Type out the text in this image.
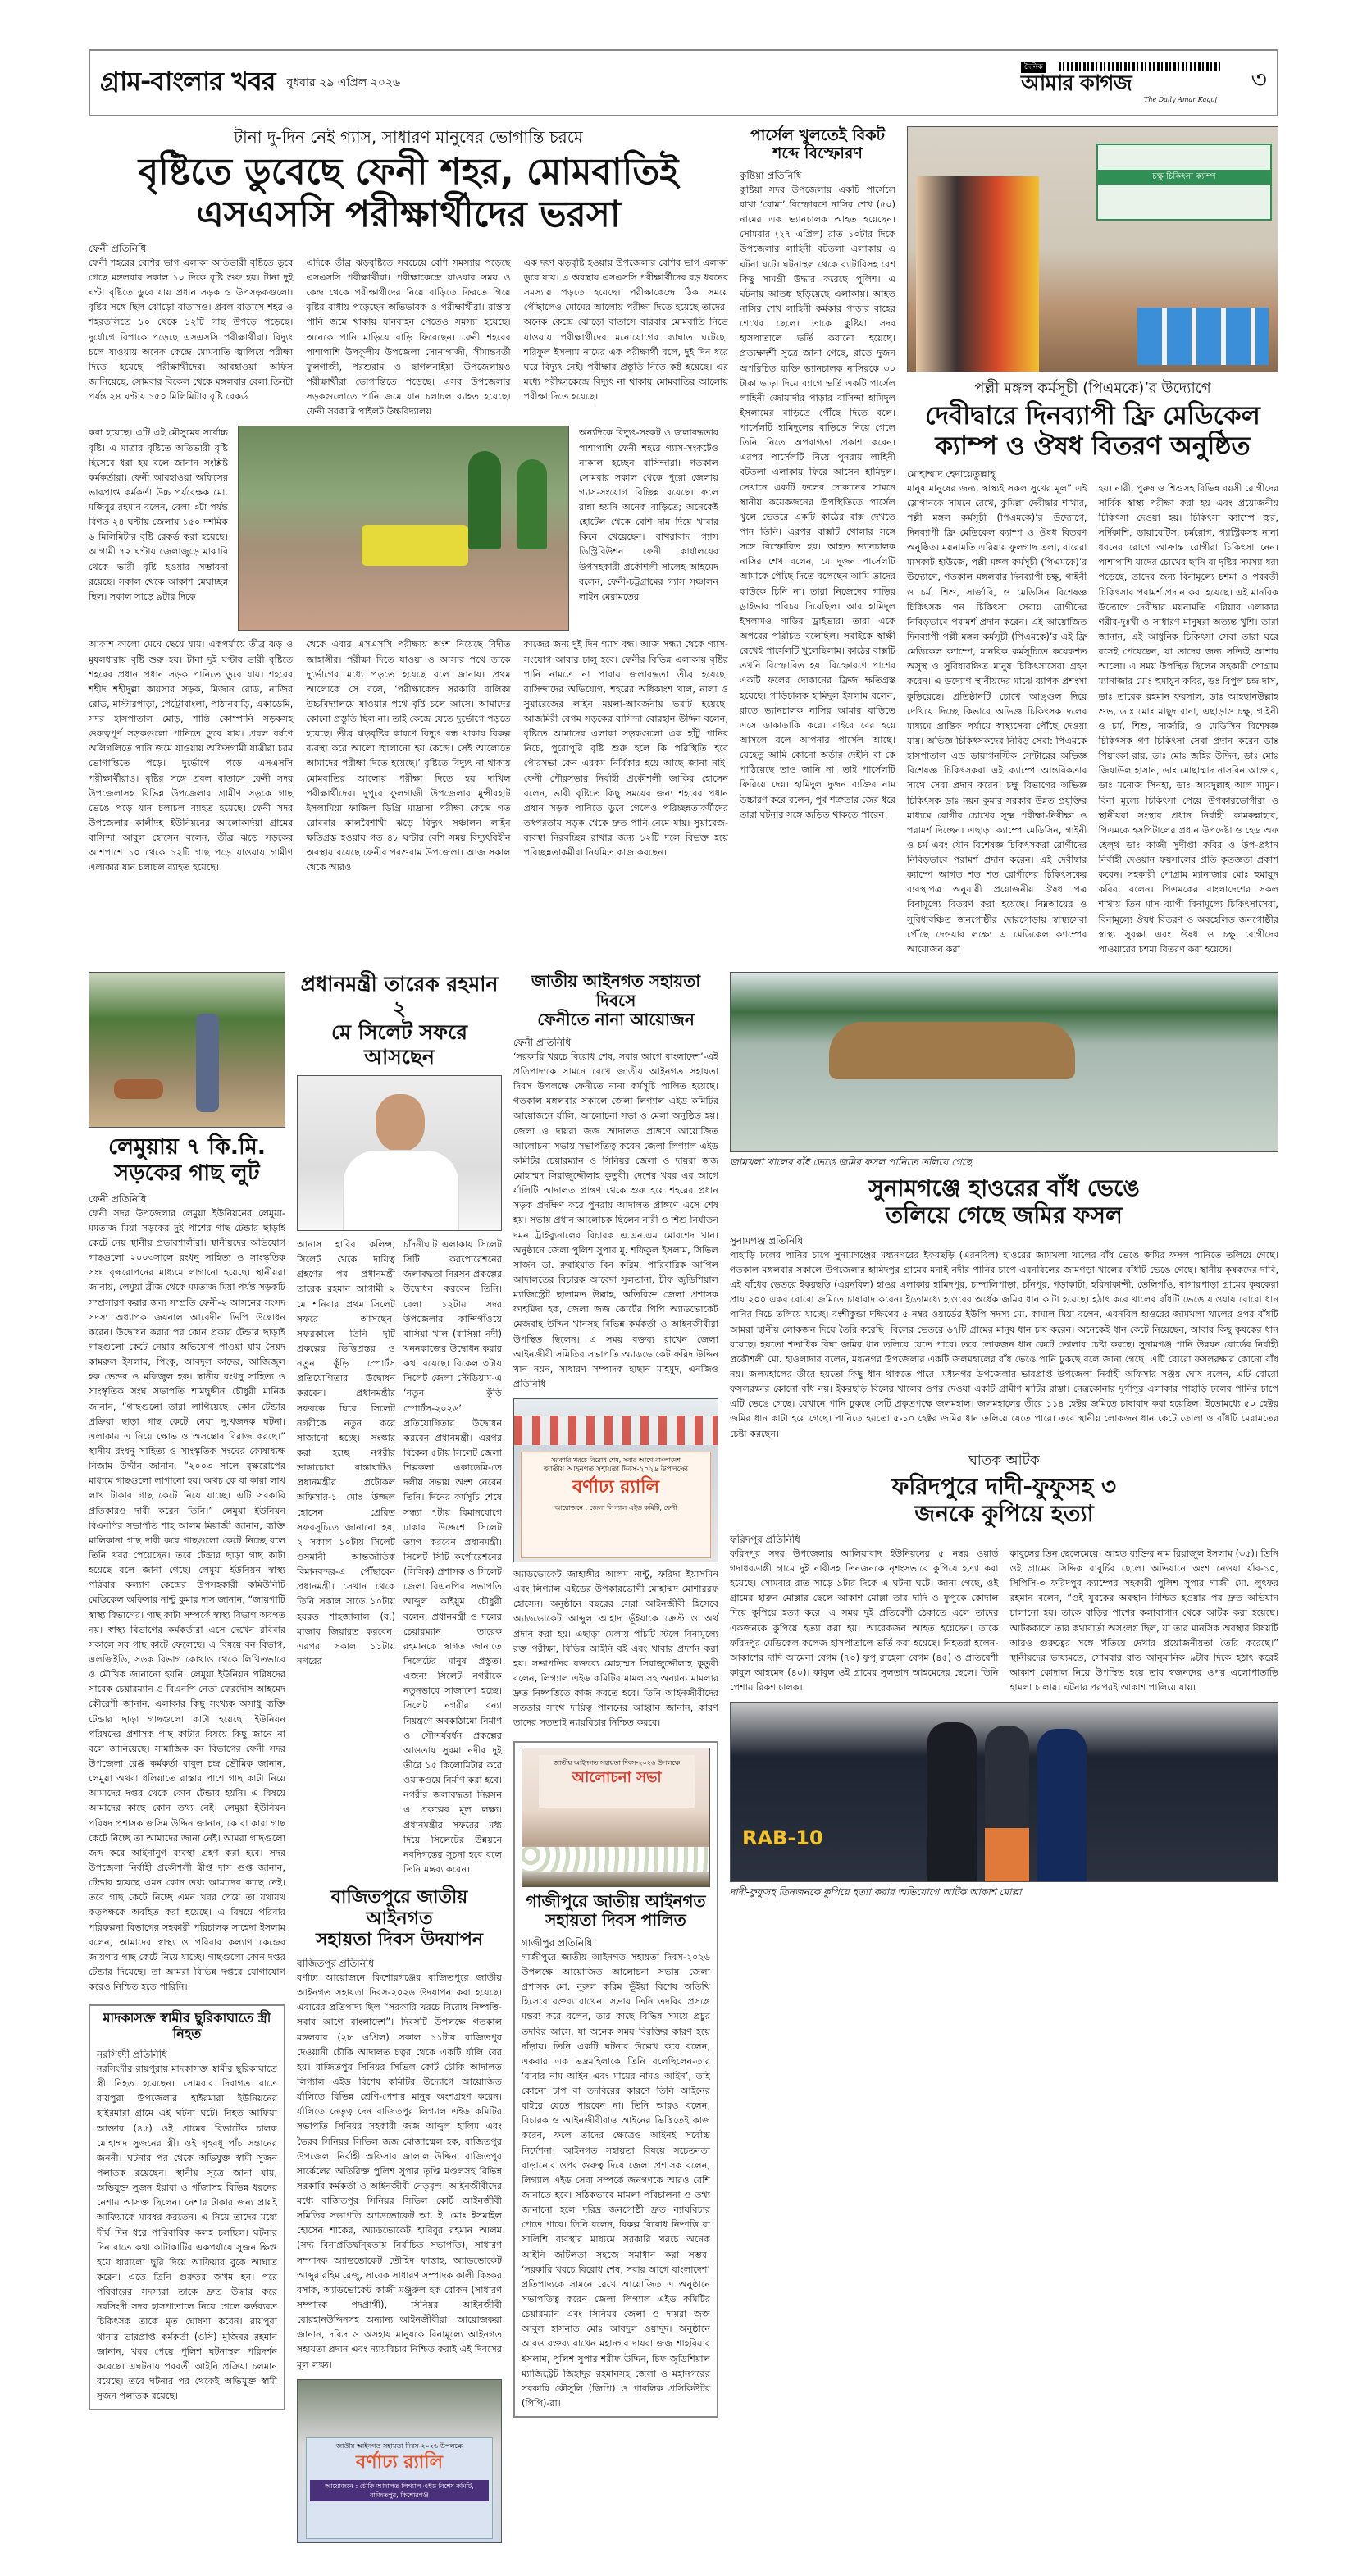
গ্রাম-বাংলার খবর বুধবার ২৯ এপ্রিল ২০২৬
দৈনিক
আমার কাগজ
The Daily Amar Kagoj
৩
টানা দু-দিন নেই গ্যাস, সাধারণ মানুষের ভোগান্তি চরমে
বৃষ্টিতে ডুবেছে ফেনী শহর, মোমবাতিই
এসএসসি পরীক্ষার্থীদের ভরসা
ফেনী প্রতিনিধি

ফেনী শহরের বেশির ভাগ এলাকা অতিভারী বৃষ্টিতে ডুবে গেছে মঙ্গলবার সকাল ১০ দিকে বৃষ্টি শুরু হয়। টানা দুই ঘণ্টা বৃষ্টিতে ডুবে যায় প্রধান সড়ক ও উপসড়কগুলো। বৃষ্টির সঙ্গে ছিল ঝোড়ো বাতাসও। প্রবল বাতাসে শহর ও শহরতলিতে ১০ থেকে ১২টি গাছ উপড়ে পড়েছে। দুর্যোগে বিপাকে পড়েছে এসএসসি পরীক্ষার্থীরা। বিদ্যুৎ চলে যাওয়ায় অনেক কেন্দ্রে মোমবাতি জ্বালিয়ে পরীক্ষা দিতে হয়েছে পরীক্ষার্থীদের। আবহাওয়া অফিস জানিয়েছে, সোমবার বিকেল থেকে মঙ্গলবার বেলা তিনটা পর্যন্ত ২৪ ঘণ্টায় ১৫০ মিলিমিটার বৃষ্টি রেকর্ড

এদিকে তীব্র ঝড়বৃষ্টিতে সবচেয়ে বেশি সমস্যায় পড়েছে এসএসসি পরীক্ষার্থীরা। পরীক্ষাকেন্দ্রে যাওয়ার সময় ও কেন্দ্র থেকে পরীক্ষার্থীদের নিয়ে বাড়িতে ফিরতে গিয়ে বৃষ্টির বাধায় পড়েছেন অভিভাবক ও পরীক্ষার্থীরা। রাস্তায় পানি জমে থাকায় যানবাহন পেতেও সমস্যা হয়েছে। অনেকে পানি মাড়িয়ে বাড়ি ফিরেছেন। ফেনী শহরের পাশাপাশি উপকূলীয় উপজেলা সোনাগাজী, সীমান্তবর্তী ফুলগাজী, পরশুরাম ও ছাগলনাইয়া উপজেলায়ও পরীক্ষার্থীরা ভোগান্তিতে পড়েছে। এসব উপজেলার সড়কগুলোতে পানি জমে যান চলাচল ব্যাহত হয়েছে। ফেনী সরকারি পাইলট উচ্চবিদ্যালয়

এক দফা ঝড়বৃষ্টি হওয়ায় উপজেলার বেশির ভাগ এলাকা ডুবে যায়। এ অবস্থায় এসএসসি পরীক্ষার্থীদের বড় ধরনের সমস্যায় পড়তে হয়েছে। পরীক্ষাকেন্দ্রে ঠিক সময়ে পৌঁছালেও মোমের আলোয় পরীক্ষা দিতে হয়েছে তাদের। অনেক কেন্দ্রে ঝোড়ো বাতাসে বারবার মোমবাতি নিভে যাওয়ায় পরীক্ষার্থীদের মনোযোগের ব্যাঘাত ঘটেছে। শরিফুল ইসলাম নামের এক পরীক্ষার্থী বলে, দুই দিন ধরে ঘরে বিদ্যুৎ নেই। পরীক্ষার প্রস্তুতি নিতে কষ্ট হয়েছে। এর মধ্যে পরীক্ষাকেন্দ্রে বিদ্যুৎ না থাকায় মোমবাতির আলোয় পরীক্ষা দিতে হয়েছে।

করা হয়েছে। এটি এই মৌসুমের সর্বোচ্চ বৃষ্টি। এ মাত্রার বৃষ্টিতে অতিভারী বৃষ্টি হিসেবে ধরা হয় বলে জানান সংশ্লিষ্ট কর্মকর্তারা। ফেনী আবহাওয়া অফিসের ভারপ্রাপ্ত কর্মকর্তা উচ্চ পর্যবেক্ষক মো. মজিবুর রহমান বলেন, বেলা ৩টা পর্যন্ত বিগত ২৪ ঘণ্টায় জেলায় ১৫০ দশমিক ৬ মিলিমিটার বৃষ্টি রেকর্ড করা হয়েছে। আগামী ৭২ ঘণ্টায় জেলাজুড়ে মাঝারি থেকে ভারী বৃষ্টি হওয়ার সম্ভাবনা রয়েছে। সকাল থেকে আকাশ মেঘাচ্ছন্ন ছিল। সকাল সাড়ে ৯টার দিকে
অন্যদিকে বিদ্যুৎ-সংকট ও জলাবদ্ধতার পাশাপাশি ফেনী শহরে গ্যাস-সংকটেও নাকাল হচ্ছেন বাসিন্দারা। গতকাল সোমবার সকাল থেকে পুরো জেলায় গ্যাস-সংযোগ বিচ্ছিন্ন রয়েছে। ফলে রান্না হয়নি অনেক বাড়িতে; অনেকেই হোটেল থেকে বেশি দাম দিয়ে খাবার কিনে খেয়েছেন। বাখরাবাদ গ্যাস ডিস্ট্রিবিউশন ফেনী কার্যালয়ের উপসহকারী প্রকৌশলী সালেহ আহমেদ বলেন, ফেনী-চট্টগ্রামের গ্যাস সঞ্চালন লাইন মেরামতের

আকাশ কালো মেঘে ছেয়ে যায়। একপর্যায়ে তীব্র ঝড় ও মুষলধারায় বৃষ্টি শুরু হয়। টানা দুই ঘণ্টার ভারী বৃষ্টিতে শহরের প্রধান প্রধান সড়ক পানিতে ডুবে যায়। শহরের শহীদ শহীদুল্লা কায়সার সড়ক, মিজান রোড, নাজির রোড, মাস্টারপাড়া, পেট্রোবাংলা, পাঠানবাড়ি, একাডেমি, সদর হাসপাতাল মোড়, শান্তি কোম্পানি সড়কসহ গুরুত্বপূর্ণ সড়কগুলো পানিতে ডুবে যায়। প্রবল বর্ষণে অলিগলিতে পানি জমে যাওয়ায় অফিসগামী যাত্রীরা চরম ভোগান্তিতে পড়ে। দুর্ভোগে পড়ে এসএসসি পরীক্ষার্থীরাও। বৃষ্টির সঙ্গে প্রবল বাতাসে ফেনী সদর উপজেলাসহ বিভিন্ন উপজেলার গ্রামীণ সড়কে গাছ ভেঙে পড়ে যান চলাচল ব্যাহত হয়েছে। ফেনী সদর উপজেলার কালীদহ ইউনিয়নের আলোকদিয়া গ্রামের বাসিন্দা আবুল হোসেন বলেন, তীব্র ঝড়ে সড়কের আশপাশে ১০ থেকে ১২টি গাছ পড়ে যাওয়ায় গ্রামীণ এলাকার যান চলাচল ব্যাহত হয়েছে।

থেকে এবার এসএসসি পরীক্ষায় অংশ নিয়েছে বিদীত জাহাঙ্গীর। পরীক্ষা দিতে যাওয়া ও আসার পথে তাকে দুর্ভোগের মধ্যে পড়তে হয়েছে বলে জানায়। প্রথম আলোকে সে বলে, ‘পরীক্ষাকেন্দ্র সরকারি বালিকা উচ্চবিদ্যালয়ে যাওয়ার পথে বৃষ্টি চলে আসে। আমাদের কোনো প্রস্তুতি ছিল না। তাই কেন্দ্রে যেতে দুর্ভোগে পড়তে হয়েছে। তীব্র ঝড়বৃষ্টির কারণে বিদ্যুৎ বন্ধ থাকায় বিকল্প ব্যবস্থা করে আলো জ্বালানো হয় কেন্দ্রে। সেই আলোতে আমাদের পরীক্ষা দিতে হয়েছে।’ বৃষ্টিতে বিদ্যুৎ না থাকায় মোমবাতির আলোয় পরীক্ষা দিতে হয় দাখিল পরীক্ষার্থীদের। দুপুরে ফুলগাজী উপজেলার মুন্সীরহাট ইসলামিয়া ফাজিল ডিগ্রি মাদ্রাসা পরীক্ষা কেন্দ্রে গত রোববার কালবৈশাখী ঝড়ে বিদ্যুৎ সঞ্চালন লাইন ক্ষতিগ্রস্ত হওয়ায় গত ৪৮ ঘণ্টার বেশি সময় বিদ্যুৎবিহীন অবস্থায় রয়েছে ফেনীর পরশুরাম উপজেলা। আজ সকাল থেকে আরও

কাজের জন্য দুই দিন গ্যাস বন্ধ। আজ সন্ধ্যা থেকে গ্যাস-সংযোগ আবার চালু হবে। ফেনীর বিভিন্ন এলাকায় বৃষ্টির পানি নামতে না পারায় জলাবদ্ধতা তীব্র হয়েছে। বাসিন্দাদের অভিযোগ, শহরের অধিকাংশ খাল, নালা ও সুয়ারেজের লাইন ময়লা-আবর্জনায় ভরাট হয়েছে। আজমিরী বেগম সড়কের বাসিন্দা বোরহান উদ্দিন বলেন, বৃষ্টিতে আমাদের এলাকা সড়কগুলো এক হাঁটু পানির নিচে, পুরোপুরি বৃষ্টি শুরু হলে কি পরিস্থিতি হবে পৌরসভা কেন এরকম নির্বিকার হয়ে আছে জানা নাই। ফেনী পৌরসভার নির্বাহী প্রকৌশলী জাকির হোসেন বলেন, ভারী বৃষ্টিতে কিছু সময়ের জন্য শহরের প্রধান প্রধান সড়ক পানিতে ডুবে গেলেও পরিচ্ছন্নতাকর্মীদের তৎপরতায় সড়ক থেকে দ্রুত পানি নেমে যায়। সুয়ারেজ-ব্যবস্থা নিরবচ্ছিন্ন রাখার জন্য ১২টি দলে বিভক্ত হয়ে পরিচ্ছন্নতাকর্মীরা নিয়মিত কাজ করছেন।

পার্সেল খুলতেই বিকট
শব্দে বিস্ফোরণ
কুষ্টিয়া প্রতিনিধি
কুষ্টিয়া সদর উপজেলায় একটি পার্সেলে রাখা ‘বোমা’ বিস্ফোরণে নাসির শেখ (৫০) নামের এক ভ্যানচালক আহত হয়েছেন। সোমবার (২৭ এপ্রিল) রাত ১০টার দিকে উপজেলার লাহিনী বটতলা এলাকায় এ ঘটনা ঘটে। ঘটনাস্থল থেকে ব্যাটারিসহ বেশ কিছু সামগ্রী উদ্ধার করেছে পুলিশ। এ ঘটনায় আতঙ্ক ছড়িয়েছে এলাকায়। আহত নাসির শেখ লাহিনী কর্মকার পাড়ার বাহের শেখের ছেলে। তাকে কুষ্টিয়া সদর হাসপাতালে ভর্তি করানো হয়েছে। প্রত্যক্ষদর্শী সূত্রে জানা গেছে, রাতে দুজন অপরিচিত ব্যক্তি ভ্যানচালক নাসিরকে ৩০ টাকা ভাড়া দিয়ে ব্যাগে ভর্তি একটি পার্সেল লাহিনী জোয়ার্দার পাড়ার বাসিন্দা হামিদুল ইসলামের বাড়িতে পৌঁছে দিতে বলে। পার্সেলটি হামিদুলের বাড়িতে নিয়ে গেলে তিনি নিতে অপরাগতা প্রকাশ করেন। এরপর পার্সেলটি নিয়ে পুনরায় লাহিনী বটতলা এলাকায় ফিরে আসেন হামিদুল। সেখানে একটি ফলের দোকানের সামনে স্থানীয় কয়েকজনের উপস্থিতিতে পার্সেল খুলে ভেতরে একটি কাঠের বাক্স দেখতে পান তিনি। এরপর বাক্সটি খোলার সঙ্গে সঙ্গে বিস্ফোরিত হয়। আহত ভ্যানচালক নাসির শেখ বলেন, যে দুজন পার্সেলটি আমাকে পৌঁছে দিতে বলেছেন আমি তাদের কাউকে চিনি না। তারা নিজেদের গাড়ির ড্রাইভার পরিচয় দিয়েছিল। আর হামিদুল ইসলামও গাড়ির ড্রাইভার। তারা একে অপরের পরিচিত বলেছিল। সবাইকে স্বাক্ষী রেখেই পার্সেলটি খুলেছিলাম। কাঠের বাক্সটি তখনি বিস্ফোরিত হয়। বিস্ফোরণে পাশের একটি ফলের দোকানের ফ্রিজ ক্ষতিগ্রস্ত হয়েছে। গাড়িচালক হামিদুল ইসলাম বলেন, রাতে ভ্যানচালক নাসির আমার বাড়িতে এসে ডাকাডাকি করে। বাইরে বের হয়ে আসলে বলে আপনার পার্সেল আছে। যেহেতু আমি কোনো অর্ডার দেইনি বা কে পাঠিয়েছে তাও জানি না। তাই পার্সেলটি ফিরিয়ে দেয়। হামিদুল দুজন ব্যক্তির নাম উচ্চারণ করে বলেন, পূর্ব শত্রুতার জের ধরে তারা ঘটনার সঙ্গে জড়িত থাকতে পারেন।
চক্ষু চিকিৎসা ক্যাম্প
পল্লী মঙ্গল কর্মসূচী (পিএমকে)’র উদ্যোগে
দেবীদ্বারে দিনব্যাপী ফ্রি মেডিকেল
ক্যাম্প ও ঔষধ বিতরণ অনুষ্ঠিত
মোহাম্মাদ হেদায়েতুল্লাহ্

মানুষ মানুষের জন্য, স্বাস্থ্যই সকল সুখের মূল” এই স্লোগানকে সামনে রেখে, কুমিল্লা দেবীদ্বার শাখার, পল্লী মঙ্গল কর্মসূচী (পিএমকে)’র উদ্যোগে, দিনব্যাপী ফ্রি মেডিকেল ক্যাম্প ও ঔষধ বিতরণ অনুষ্ঠিত। ময়নামতি এরিয়ায় ফুলগাছ তলা, বারেরা মাসকাট হাউজে, পল্লী মঙ্গল কর্মসূচী (পিএমকে)’র উদ্যোগে, গতকাল মঙ্গলবার দিনব্যাপী চক্ষু, গাইনী ও চর্ম, শিশু, সার্জারি, ও মেডিসিন বিশেষজ্ঞ চিকিৎসক গন চিকিৎসা সেবায় রোগীদের নিবিড়ভাবে পরামর্শ প্রদান করেন। এই আয়োজিত দিনব্যাপী পল্লী মঙ্গল কর্মসূচী (পিএমকে)’র এই ফ্রি মেডিকেল ক্যাম্পে, মানবিক কর্মসূচিতে কয়েকশত অসুস্থ ও সুবিধাবঞ্চিত মানুষ চিকিৎসাসেবা গ্রহণ করেন। এ উদ্যোগ স্থানীয়দের মাঝে ব্যাপক প্রশংসা কুড়িয়েছে। প্রতিষ্ঠানটি চোখে আঙ্গুল দিয়ে দেখিয়ে দিচ্ছে কিভাবে অভিজ্ঞ চিকিৎসক দলের মাধ্যমে প্রান্তিক পর্যায়ে স্বাস্থ্যসেবা পৌঁছে দেওয়া যায়। অভিজ্ঞ চিকিৎসকদের নিবিড় সেবা: পিএমকে হাসপাতাল এন্ড ডায়াগনস্টিক সেন্টারের অভিজ্ঞ বিশেষজ্ঞ চিকিৎসকরা এই ক্যাম্পে আন্তরিকতার সাথে সেবা প্রদান করেন। চক্ষু বিভাগের অভিজ্ঞ চিকিৎসক ডাঃ নয়ন কুমার সরকার উন্নত প্রযুক্তির মাধ্যমে রোগীর চোখের সূক্ষ্ম পরীক্ষা-নিরীক্ষা ও পরামর্শ দিচ্ছেন। এছাড়া ক্যাম্পে মেডিসিন, গাইনী ও চর্ম এবং যৌন বিশেষজ্ঞ চিকিৎসকরা রোগীদের নিবিড়ভাবে পরামর্শ প্রদান করেন। এই দেবীদ্বার ক্যাম্পে আগত শত শত রোগীদের চিকিৎসকের ব্যবস্থাপত্র অনুযায়ী প্রয়োজনীয় ঔষধ পত্র বিনামূল্যে বিতরণ করা হয়েছে। নিম্নআয়ের ও সুবিধাবঞ্চিত জনগোষ্ঠীর দোরগোড়ায় স্বাস্থ্যসেবা পৌঁছে দেওয়ার লক্ষ্যে এ মেডিকেল ক্যাম্পের আয়োজন করা

হয়। নারী, পুরুষ ও শিশুসহ বিভিন্ন বয়সী রোগীদের সার্বিক স্বাস্থ্য পরীক্ষা করা হয় এবং প্রয়োজনীয় চিকিৎসা দেওয়া হয়। চিকিৎসা ক্যাম্পে জ্বর, সর্দিকাশি, ডায়াবেটিস, চর্মরোগ, গ্যাস্ট্রিকসহ নানা ধরনের রোগে আক্রান্ত রোগীরা চিকিৎসা নেন। পাশাপাশি যাদের চোখের ছানি বা দৃষ্টির সমস্যা ধরা পড়েছে, তাদের জন্য বিনামূল্যে চশমা ও পরবর্তী চিকিৎসার পরামর্শ প্রদান করা হয়েছে। এই মানবিক উদ্যোগে দেবীদ্বার ময়নামতি এরিয়ার এলাকার গরীব-দুঃখী ও সাধারণ মানুষরা অত্যন্ত খুশি। তারা জানান, এই আধুনিক চিকিৎসা সেবা তারা ঘরে বসেই পেয়েছেন, যা তাদের জন্য সত্যিই আশার আলো। এ সময় উপস্থিত ছিলেন সহকারী পোগ্রাম ম্যানাজার মোঃ হুমায়ুন কবির, ডঃ বিপুল চন্দ্র দাস, ডাঃ তারেক রহমান ফয়সাল, ডাঃ আহছানউল্লাহ শুভ, ডাঃ মোঃ মাছুদ রানা, এছাড়াও চক্ষু, গাইনী ও চর্ম, শিশু, সার্জারি, ও মেডিসিন বিশেষজ্ঞ চিকিৎসক গণ চিকিৎসা সেবা প্রদান করেন ডাঃ পিয়াংকা রায়, ডাঃ মোঃ জহির উদ্দিন, ডাঃ মোঃ জিয়াউল হাসান, ডাঃ মোছাম্মাদ নাসরিন আক্তার, ডাঃ মনোজ সিনহা, ডাঃ আবদুল্লাহ আল মামুন। বিনা মূল্যে চিকিৎসা পেয়ে উপকারভোগীরা ও স্থানীয়রা সংস্থার প্রধান নির্বাহী কামরুন্নাহার, পিএমকে হসপিটালের প্রধান উপদেষ্টা ও হেড অফ হেল্থ ডাঃ কাজী সুদীপ্তা কবির ও উপ-প্রধান নির্বাহী দেওয়ান ফয়সালের প্রতি কৃতজ্ঞতা প্রকাশ করেন। সহকারী পোগ্রাম ম্যানাজার মোঃ হুমায়ুন কবির, বলেন। পিএমকের বাংলাদেশের সকল শাখায় তিন মাস ব্যাপী বিনামূল্যে চিকিৎসাসেবা, বিনামূল্যে ঔষধ বিতরণ ও অবহেলিত জনগোষ্ঠীর স্বাস্থ্য সুরক্ষা এবং ঔষধ ও চক্ষু রোগীদের পাওয়ারের চশমা বিতরণ করা হয়েছে।

লেমুয়ায় ৭ কি.মি.
সড়কের গাছ লুট
ফেনী প্রতিনিধি
ফেনী সদর উপজেলার লেমুয়া ইউনিয়নের লেমুয়া-মমতাজ মিয়া সড়কের দুই পাশের গাছ টেন্ডার ছাড়াই কেটে নেয় স্থানীয় প্রভাবশালীরা। স্থানীয়দের অভিযোগ গাছগুলো ২০০৩সালে রংধনু সাহিত্য ও সাংস্কৃতিক সংঘ বৃক্ষরোপনের মাধ্যমে লাগানো হয়েছে। স্থানীয়রা জানায়, লেমুয়া ব্রীজ থেকে মমতাজ মিয়া পর্যন্ত সড়কটি সম্প্রসারণ করার জন্য সম্প্রতি ফেনী-২ আসনের সংসদ সদস্য অধ্যাপক জয়নাল আবেদীন ভিপি উদ্বোধন করেন। উদ্বোধন করার পর কোন প্রকার টেন্ডার ছাড়াই গাছগুলো কেটে নেয়ার অভিযোগ পাওয়া যায় সৈয়দ কামরুল ইসলাম, পিংকু, আবদুল কাদের, আজিজুল হক ভেন্ডর ও মফিজুল হক। স্থানীয় রংধনু সাহিত্য ও সাংস্কৃতিক সংঘ সভাপতি শামছুদ্দীন চৌধুরী মানিক জানান, “গাছগুলো তারা লাগিয়েছে। কোন টেন্ডার প্রক্রিয়া ছাড়া গাছ কেটে নেয়া দু:খজনক ঘটনা। এলাকায় এ নিয়ে ক্ষোভ ও অসন্তোষ বিরাজ করছে।” স্থানীয় রংধনু সাহিত্য ও সাংস্কৃতিক সংঘের কোষাধ্যক্ষ নিজাম উদ্দীন জানান, “২০০৩ সালে বৃক্ষরোপের মাধ্যমে গাছগুলো লাগানো হয়। অথচ কে বা কারা লাখ লাখ টাকার গাছ কেটে নিয়ে যাচ্ছে। এটি সরকারি প্রতিকারও দাবী করেন তিনি।” লেমুয়া ইউনিয়ন বিএনপির সভাপতি শাহ আলম মিয়াজী জানান, ব্যক্তি মালিকানা গাছ দাবী করে গাছগুলো কেটে নিচ্ছে বলে তিনি খবর পেয়েছেন। তবে টেন্ডার ছাড়া গাছ কাটা হয়েছে বলে জানা গেছে। লেমুয়া ইউনিয়ন স্বাস্থ্য পরিবার কল্যাণ কেন্দ্রের উপসহকারী কমিউনিটি মেডিকেল অফিসার নান্টু কুমার দাস জানান, “জায়গাটি স্বাস্থ্য বিভাগের। গাছ কাটা সম্পর্কে স্বাস্থ্য বিভাগ অবগত নয়। স্বাস্থ্য বিভাগের কর্মকর্তারা এসে দেখেন রবিবার সকালে সব গাছ কাটে ফেলেছে। এ বিষয়ে বন বিভাগ, এলজিইডি, সড়ক বিভাগ কোথাও থেকে লিখিতভাবে ও মৌখিক জানানো হয়নি। লেমুয়া ইউনিয়ন পরিষদের সাবেক চেয়ারম্যান ও বিএনপি নেতা ফেরদৌস আহমেদ কৌরেশী জানান, এলাকার কিছু সংখ্যক অসাধু ব্যক্তি টেন্ডার ছাড়া গাছগুলো কাটা হয়েছে। ইউনিয়ন পরিষদের প্রশাসক গাছ কাটার বিষয়ে কিছু জানে না বলে জানিয়েছে। সামাজিক বন বিভাগের ফেনী সদর উপজেলা রেঞ্জ কর্মকর্তা বাবুল চন্দ্র ভৌমিক জানান, লেমুয়া অথবা ধলিয়াতে রাস্তার পাশে গাছ কাটা নিয়ে আমাদের দপ্তর থেকে কোন টেন্ডার হয়নি। এ বিষয়ে আমাদের কাছে কোন তথ্য নেই। লেমুয়া ইউনিয়ন পরিষদ প্রশাসক জসিম উদ্দিন জানান, কে বা কারা গাছ কেটে নিচ্ছে তা আমাদের জানা নেই। আমরা গাছগুলো জব্দ করে আইনানুগ ব্যবস্থা গ্রহণ করা হবে। সদর উপজেলা নির্বাহী প্রকৌশলী দ্বীপ্ত দাস গুপ্ত জানান, টেন্ডার হয়েছে এমন কোন তথ্য আমাদের কাছে নেই। তবে গাছ কেটে নিচ্ছে এমন খবর পেয়ে তা যথাযথ কতৃপক্ষকে অবহিত করা হয়েছে। এ বিষয়ে পরিবার পরিকল্পনা বিভাগের সহকারী পরিচালক সাহেদা ইসলাম বলেন, আমাদের স্বাস্থ্য ও পরিবার কল্যাণ কেন্দ্রের জায়গার গাছ কেটে নিয়ে যাচ্ছে। গাছগুলো কোন দপ্তর টেন্ডার দিয়েছে। তা আমরা বিভিন্ন দপ্তরে যোগাযোগ করেও নিশ্চিত হতে পারিনি।
মাদকাসক্ত স্বামীর ছুরিকাঘাতে স্ত্রী নিহত
নরসিংদী প্রতিনিধি
নরসিংদীর রায়পুরায় মাদকাসক্ত স্বামীর ছুরিকাঘাতে স্ত্রী নিহত হয়েছেন। সোমবার দিবাগত রাতে রায়পুরা উপজেলার হাইরমারা ইউনিয়নের হাইরমারা গ্রামে এই ঘটনা ঘটে। নিহত আফিয়া আক্তার (৪৫) ওই গ্রামের বিভাটেক চালক মোহাম্মদ সুজনের স্ত্রী। ওই গৃহবধূ পাঁচ সন্তানের জননী। ঘটনার পর থেকে অভিযুক্ত স্বামী সুজন পলাতক রয়েছেন। স্থানীয় সূত্রে জানা যায়, অভিযুক্ত সুজন ইয়াবা ও গাঁজাসহ বিভিন্ন ধরনের নেশায় আসক্ত ছিলেন। নেশার টাকার জন্য প্রায়ই আফিয়াকে মারধর করতেন। এ নিয়ে তাদের মধ্যে দীর্ঘ দিন ধরে পারিবারিক কলহ চলছিল। ঘটনার দিন রাতে কথা কাটাকাটির একপর্যায়ে সুজন ক্ষিপ্ত হয়ে ধারালো ছুরি দিয়ে আফিয়ার বুকে আঘাত করেন। এতে তিনি গুরুতর জখম হন। পরে পরিবারের সদস্যরা তাকে দ্রুত উদ্ধার করে নরসিংদী সদর হাসপাতালে নিয়ে গেলে কর্তব্যরত চিকিৎসক তাকে মৃত ঘোষণা করেন। রায়পুরা থানার ভারপ্রাপ্ত কর্মকর্তা (ওসি) মুজিবর রহমান জানান, খবর পেয়ে পুলিশ ঘটনাস্থল পরিদর্শন করেছে। এঘটনায় পরবর্তী আইনি প্রক্রিয়া চলমান রয়েছে। তবে ঘটনার পর থেকেই অভিযুক্ত স্বামী সুজন পলাতক রয়েছে।
প্রধানমন্ত্রী তারেক রহমান ২
মে সিলেট সফরে আসছেন
আনাস হাবিব কলিন্স, সিলেট থেকে দায়িত্ব গ্রহণের পর প্রধানমন্ত্রী তারেক রহমান আগামী ২ মে শনিবার প্রথম সিলেট সফরে আসছেন। সফরকালে তিনি দুটি প্রকল্পের ভিত্তিপ্রস্তর ও নতুন কুঁড়ি স্পোর্টস প্রতিযোগিতার উদ্বোধন করবেন। প্রধানমন্ত্রীর সফরকে ঘিরে সিলেট নগরীকে নতুন করে সাজানো হচ্ছে। সংস্কার করা হচ্ছে নগরীর ভাঙ্গাচোরা রাস্তাঘাটও। প্রধানমন্ত্রীর প্রটোকল অফিসার-১ মোঃ উজ্জল হোসেন প্রেরিত সফরসূচিতে জানানো হয়, ২ সকাল ১০টায় সিলেট ওসমানী আন্তর্জাতিক বিমানবন্দর-এ পৌঁছাবেন প্রধানমন্ত্রী। সেখান থেকে তিনি সকাল সাড়ে ১০টায় হযরত শাহজালাল (র.) মাজার জিয়ারত করবেন। এরপর সকাল ১১টায় নগরের
চাঁদনীঘাট এলাকায় সিলেট সিটি করপোরেশনের জলাবদ্ধতা নিরসন প্রকল্পের উদ্বোধন করবেন তিনি। বেলা ১২টায় সদর উপজেলার কান্দিগাঁওয়ে বাসিয়া খাল (বাসিয়া নদী) খননকাজের উদ্বোধন করার কথা রয়েছে। বিকেল ৩টায় সিলেট জেলা স্টেডিয়াম-এ ‘নতুন কুঁড়ি স্পোর্টস-২০২৬’ প্রতিযোগিতার উদ্বোধন করবেন প্রধানমন্ত্রী। এরপর বিকেল ৫টায় সিলেট জেলা শিল্পকলা একাডেমি-তে দলীয় সভায় অংশ নেবেন তিনি। দিনের কর্মসূচি শেষে সন্ধ্যা ৭টায় বিমানযোগে ঢাকার উদ্দেশে সিলেট ত্যাগ করবেন প্রধানমন্ত্রী। সিলেট সিটি কর্পোরেশনের (সিসিক) প্রশাসক ও সিলেট জেলা বিএনপির সভাপতি আব্দুল কাইয়ুম চৌধুরী বলেন, প্রধানমন্ত্রী ও দলের চেয়ারম্যান তারেক রহমানকে স্বাগত জানাতে সিলেটের মানুষ প্রস্তুত। এজন্য সিলেট নগরীকে নতুনভাবে সাজানো হচ্ছে। সিলেট নগরীর বন্যা নিয়ন্ত্রণে অবকাঠামো নির্মাণ ও সৌন্দর্যবর্ধন প্রকল্পের আওতায় সুরমা নদীর দুই তীরে ১৫ কিলোমিটার করে ওয়াকওয়ে নির্মাণ করা হবে। নগরীর জলাবদ্ধতা নিরসন এ প্রকল্পের মূল লক্ষ্য। প্রধানমন্ত্রীর সফরের মধ্য দিয়ে সিলেটের উন্নয়নে নবদিগন্তের সূচনা হবে বলে তিনি মন্তব্য করেন।
বাজিতপুরে জাতীয় আইনগত
সহায়তা দিবস উদযাপন
বাজিতপুর প্রতিনিধি
বর্ণাঢ্য আয়োজনে কিশোরগঞ্জের বাজিতপুরে জাতীয় আইনগত সহায়তা দিবস-২০২৬ উদযাপন করা হয়েছে। এবারের প্রতিপাদ্য ছিল “সরকারি খরচে বিরোধ নিষ্পত্তি-সবার আগে বাংলাদেশ”। দিবসটি উপলক্ষে গতকাল মঙ্গলবার (২৮ এপ্রিল) সকাল ১১টায় বাজিতপুর দেওয়ানী চৌকি আদালত চত্বর থেকে একটি র্যালি বের হয়। বাজিতপুর সিনিয়র সিভিল কোর্ট চৌকি আদালত লিগ্যাল এইড বিশেষ কমিটির উদ্যোগে আয়োজিত র্যালিতে বিভিন্ন শ্রেণি-পেশার মানুষ অংশগ্রহণ করেন। র্যালিতে নেতৃত্ব দেন বাজিতপুর লিগ্যাল এইড কমিটির সভাপতি সিনিয়র সহকারী জজ আব্দুল হালিম এবং ভৈরব সিনিয়র সিভিল জজ মোজাম্মেল হক, বাজিতপুর উপজেলা নির্বাহী অফিসার জালাল উদ্দিন, বাজিতপুর সার্কেলের অতিরিক্ত পুলিশ সুপার তৃপ্তি মণ্ডলসহ বিভিন্ন সরকারি কর্মকর্তা ও আইনজীবী নেতৃবৃন্দ। আইনজীবীদের মধ্যে বাজিতপুর সিনিয়র সিভিল কোর্ট আইনজীবী সমিতির সভাপতি অ্যাডভোকেট আ. ই. মোঃ ইসমাইল হোসেন শাকের, অ্যাডভোকেট হাবিবুর রহমান আলম (সদ্য বিনাপ্রতিদ্বন্দ্বিতায় নির্বাচিত সভাপতি), সাধারণ সম্পাদক অ্যাডভোকেট তৌহিদ ফাত্তাহ, অ্যাডভোকেট আব্দুর রহিম রেজু, সাবেক সাধারণ সম্পাদক কালী কিংকর বসাক, অ্যাডভোকেট কাজী মঞ্জুরুল হক রোকন (সাধারণ সম্পাদক পদপ্রার্থী), সিনিয়র আইনজীবী বোরহানউদ্দিনসহ অন্যান্য আইনজীবীরা। আয়োজকরা জানান, দরিদ্র ও অসহায় মানুষকে বিনামূল্যে আইনগত সহায়তা প্রদান এবং ন্যায়বিচার নিশ্চিত করাই এই দিবসের মূল লক্ষ্য।
জাতীয় আইনগত সহায়তা দিবস-২০২৬ উপলক্ষে
বর্ণাঢ্য র‍্যালি
আয়োজনে : চৌকি আদালত লিগ্যাল এইড বিশেষ কমিটি, বাজিতপুর, কিশোরগঞ্জ
জাতীয় আইনগত সহায়তা দিবসে
ফেনীতে নানা আয়োজন
ফেনী প্রতিনিধি
‘সরকারি খরচে বিরোধ শেষ, সবার আগে বাংলাদেশ’-এই প্রতিপাদ্যকে সামনে রেখে জাতীয় আইনগত সহায়তা দিবস উপলক্ষে ফেনীতে নানা কর্মসূচি পালিত হয়েছে। গতকাল মঙ্গলবার সকালে জেলা লিগ্যাল এইড কমিটির আয়োজনে র্যালি, আলোচনা সভা ও মেলা অনুষ্ঠিত হয়। জেলা ও দায়রা জজ আদালত প্রাঙ্গণে আয়োজিত আলোচনা সভায় সভাপতিত্ব করেন জেলা লিগ্যাল এইড কমিটির চেয়ারম্যান ও সিনিয়র জেলা ও দায়রা জজ মোহাম্মদ সিরাজুদ্দৌলাহ কুতুবী। দেশের খবর এর আগে র্যালিটি আদালত প্রাঙ্গণ থেকে শুরু হয়ে শহরের প্রধান সড়ক প্রদক্ষিণ করে পুনরায় আদালত প্রাঙ্গণে এসে শেষ হয়। সভায় প্রধান আলোচক ছিলেন নারী ও শিশু নির্যাতন দমন ট্রাইব্যুনালের বিচারক এ.এন.এম মোরশেদ খান। অনুষ্ঠানে জেলা পুলিশ সুপার মু. শফিকুল ইসলাম, সিভিল সার্জন ডা. রুবাইয়াত বিন করিম, পারিবারিক আপিল আদালতের বিচারক আবেদা সুলতানা, চীফ জুডিশিয়াল ম্যাজিস্ট্রেট ছালামত উল্লাহ, অতিরিক্ত জেলা প্রশাসক ফাহমিদা হক, জেলা জজ কোর্টের পিপি অ্যাডভোকেট মেজবাহ উদ্দিন খানসহ বিভিন্ন কর্মকর্তা ও আইনজীবীরা উপস্থিত ছিলেন। এ সময় বক্তব্য রাখেন জেলা আইনজীবী সমিতির সভাপতি অ্যাডভোকেট ফরিদ উদ্দিন খান নয়ন, সাধারণ সম্পাদক হাছান মাহমুদ, এনজিও প্রতিনিধি
সরকারি খরচে বিরোধ শেষ, সবার আগে বাংলাদেশ
জাতীয় আইনগত সহায়তা দিবস-২০২৬ উপলক্ষ্যে
বর্ণাঢ্য র‍্যালি
আয়োজনে : জেলা লিগ্যাল এইড কমিটি, ফেনী
অ্যাডভোকেট জাহাঙ্গীর আলম নান্টু, ফরিদা ইয়াসমিন এবং লিগ্যাল এইডের উপকারভোগী মোহাম্মদ মোশাররফ হোসেন। অনুষ্ঠানে বছরের সেরা আইনজীবী হিসেবে অ্যাডভোকেট আব্দুল আহাদ ভূঁইয়াকে ক্রেস্ট ও অর্থ প্রদান করা হয়। এছাড়া মেলায় পাঁচটি স্টলে বিনামূল্যে রক্ত পরীক্ষা, বিভিন্ন আইনি বই এবং খাবার প্রদর্শন করা হয়। সভাপতির বক্তব্যে মোহাম্মদ সিরাজুদ্দৌলাহ কুতুবী বলেন, লিগ্যাল এইড কমিটির মামলাসহ অন্যান্য মামলার দ্রুত নিষ্পত্তিতে কাজ করতে হবে। তিনি আইনজীবীদের সততার সাথে দায়িত্ব পালনের আহ্বান জানান, কারণ তাদের সততাই ন্যায়বিচার নিশ্চিত করবে।
জাতীয় আইনগত সহায়তা দিবস-২০২৬ উপলক্ষে
আলোচনা সভা
গাজীপুরে জাতীয় আইনগত
সহায়তা দিবস পালিত
গাজীপুর প্রতিনিধি
গাজীপুরে জাতীয় আইনগত সহায়তা দিবস-২০২৬ উপলক্ষে আয়োজিত আলোচনা সভায় জেলা প্রশাসক মো. নূরুল করিম ভূঁইয়া বিশেষ অতিথি হিসেবে বক্তব্য রাখেন। সভায় তিনি তদবির প্রসঙ্গে মন্তব্য করে বলেন, তার কাছে বিভিন্ন সময়ে প্রচুর তদবির আসে, যা অনেক সময় বিরক্তির কারণ হয়ে দাঁড়ায়। তিনি একটি ঘটনার উল্লেখ করে বলেন, একবার এক ভদ্রমহিলাকে তিনি বলেছিলেন-তার ‘বাবার নাম আইন এবং মায়ের নামও আইন’, তাই কোনো চাপ বা তদবিরের কারণে তিনি আইনের বাইরে যেতে পারবেন না। তিনি আরও বলেন, বিচারক ও আইনজীবীরাও আইনের ভিত্তিতেই কাজ করেন, ফলে তাদের ক্ষেত্রেও আইনই সর্বোচ্চ নির্দেশনা। আইনগত সহায়তা বিষয়ে সচেতনতা বাড়ানোর ওপর গুরুত্ব দিয়ে জেলা প্রশাসক বলেন, লিগ্যাল এইড সেবা সম্পর্কে জনগণকে আরও বেশি জানাতে হবে। সঠিকভাবে মামলা পরিচালনা ও তথ্য জানানো হলে দরিদ্র জনগোষ্ঠী দ্রুত ন্যায়বিচার পেতে পারে। তিনি বলেন, বিকল্প বিরোধ নিষ্পত্তি বা সালিশি ব্যবস্থার মাধ্যমে সরকারি খরচে অনেক আইনি জটিলতা সহজে সমাধান করা সম্ভব। ‘সরকারি খরচে বিরোধ শেষ, সবার আগে বাংলাদেশ’ প্রতিপাদ্যকে সামনে রেখে আয়োজিত এ অনুষ্ঠানে সভাপতিত্ব করেন জেলা লিগ্যাল এইড কমিটির চেয়ারম্যান এবং সিনিয়র জেলা ও দায়রা জজ আবুল হাসনাত মোঃ আবদুল ওয়াদুদ। অনুষ্ঠানে আরও বক্তব্য রাখেন মহানগর দায়রা জজ শাহরিয়ার ইসলাম, পুলিশ সুপার শরীফ উদ্দিন, চিফ জুডিশিয়াল ম্যাজিস্ট্রেট জিহাদুর রহমানসহ জেলা ও মহানগরের সরকারি কৌসুলি (জিপি) ও পাবলিক প্রসিকিউটর (পিপি)-রা।
জামখলা খালের বাঁধ ভেঙে জমির ফসল পানিতে তলিয়ে গেছে
সুনামগঞ্জে হাওরের বাঁধ ভেঙে
তলিয়ে গেছে জমির ফসল
সুনামগঞ্জ প্রতিনিধি
পাহাড়ি ঢলের পানির চাপে সুনামগঞ্জের মধ্যনগরের ইকরছড়ি (এরনবিল) হাওরের জামখলা খালের বাঁধ ভেঙে জমির ফসল পানিতে তলিয়ে গেছে। গতকাল মঙ্গলবার সকালে উপজেলার হামিদপুর গ্রামের মনাই নদীর পানির চাপে এরনবিলের জামগড়া খালের বাঁধটি ভেঙে গেছে। স্থানীয় কৃষকদের দাবি, এই বাঁধের ভেতরে ইকরছড়ি (এরনবিল) হাওর এলাকার হামিদপুর, চান্দালিপাড়া, চাঁনপুর, গড়াকাটা, হরিনাকান্দী, তেলিগাঁও, বাগারপাড়া গ্রামের কৃষকেরা প্রায় ২০০ একর বোরো জমিতে চাষাবাদ করেন। ইতোমধ্যে হাওরের অর্ধেক জমির ধান কাটা হয়েছে। হঠাৎ করে খালের বাঁধটি ভেঙে যাওয়ায় বোরো ধান পানির নিচে তলিয়ে যাচ্ছে। বংশীকুন্ডা দক্ষিণের ৫ নম্বর ওয়ার্ডের ইউপি সদস্য মো. কামাল মিয়া বলেন, এরনবিল হাওরের জামখলা খালের ওপর বাঁধটি আমরা স্থানীয় লোকজন দিয়ে তৈরি করেছি। বিলের ভেতরে ৬৭টি গ্রামের মানুষ ধান চাষ করেন। অনেকেই ধান কেটে নিয়েছেন, আবার কিছু কৃষকের ধান রয়েছে। হয়তো শতাধিক বিঘা জমির ধান তলিয়ে যেতে পারে। তবে লোকজন ধান কেটে তোলার চেষ্টা করছে। সুনামগঞ্জ পানি উন্নয়ন বোর্ডের নির্বাহী প্রকৌশলী মো. হাওলাদার বলেন, মধ্যনগর উপজেলার একটি জলমহালের বাঁধ ভেঙে পানি ঢুকছে বলে জানা গেছে। এটি বোরো ফসলরক্ষার কোনো বাঁধ নয়। জলমহালের তীরে হয়তো কিছু ধান থাকতে পারে। মধ্যনগর উপজেলার ভারপ্রাপ্ত উপজেলা নির্বাহী অফিসার সঞ্জয় ঘোষ বলেন, এটি বোরো ফসলরক্ষার কোনো বাঁধ নয়। ইকরছড়ি বিলের খালের ওপর দেওয়া একটি গ্রামীণ মাটির রাস্তা। নেত্রকোনার দুর্গাপুর এলাকার পাহাড়ি ঢলের পানির চাপে এটি ভেঙে গেছে। যেখানে পানি ঢুকছে সেটি প্রকৃতপক্ষে জলমহাল। জলমহালের তীরে ১১৪ হেক্টর জমিতে চাষাবাদ করা হয়েছিল। ইতোমধ্যে ৫০ হেক্টর জমির ধান কাটা হয়ে গেছে। পানিতে হয়তো ৫-১০ হেক্টর জমির ধান তলিয়ে যেতে পারে। তবে স্থানীয় লোকজন ধান কেটে তোলা ও বাঁধটি মেরামতের চেষ্টা করছেন।
ঘাতক আটক
ফরিদপুরে দাদী-ফুফুসহ ৩
জনকে কুপিয়ে হত্যা
ফরিদপুর প্রতিনিধি

ফরিদপুর সদর উপজেলার আলিয়াবাদ ইউনিয়নের ৫ নম্বর ওয়ার্ড গদাধরডাঙ্গী গ্রামে দুই নারীসহ তিনজনকে নৃশংসভাবে কুপিয়ে হত্যা করা হয়েছে। সোমবার রাত সাড়ে ৯টার দিকে এ ঘটনা ঘটে। জানা গেছে, ওই গ্রামের হারুন মোল্লার ছেলে আকাশ মোল্লা তার দাদি ও ফুপুকে কোদাল দিয়ে কুপিয়ে হত্যা করে। এ সময় দুই প্রতিবেশী ঠেকাতে এলে তাদের একজনকে কুপিয়ে হত্যা করা হয়। আরেকজন আহত হয়েছেন। তাকে ফরিদপুর মেডিকেল কলেজ হাসপাতালে ভর্তি করা হয়েছে। নিহতরা হলেন- আকাশের দাদি আমেনা বেগম (৭০) ফুপু রাহেলা বেগম (৪৫) ও প্রতিবেশী কাবুল আহমেদ (৪০)। কাবুল ওই গ্রামের সুলতান আহমেদের ছেলে। তিনি পেশায় রিকশাচালক।

কাবুলের তিন ছেলেমেয়ে। আহত ব্যক্তির নাম রিয়াজুল ইসলাম (৩৫)। তিনি ওই গ্রামের সিদ্দিক বাবুর্চির ছেলে। অভিযানে অংশ নেওয়া র্যাব-১০, সিপিসি-৩ ফরিদপুর ক্যাম্পের সহকারী পুলিশ সুপার গাজী মো. লুৎফর রহমান বলেন, “ওই যুবকের অবস্থান নিশ্চিত হওয়ার পর দ্রুত অভিযান চালানো হয়। তাকে বাড়ির পাশের কলাবাগান থেকে আটক করা হয়েছে। আটককালে তার কথাবার্তা অসংলগ্ন ছিল, যা তার মানসিক অবস্থার বিষয়টি আরও গুরুত্বের সঙ্গে খতিয়ে দেখার প্রয়োজনীয়তা তৈরি করেছে।” স্থানীয়দের ভাষ্যমতে, সোমবার রাত আনুমানিক ৯টার দিকে হঠাৎ করেই আকাশ কোদাল নিয়ে উপস্থিত হয়ে তার স্বজনদের ওপর এলোপাতাড়ি হামলা চালায়। ঘটনার পরপরই আকাশ পালিয়ে যায়।

RAB-10
দাদী-ফুফুসহ তিনজনকে কুপিয়ে হত্যা করার অভিযোগে আটক আকাশ মোল্লা
